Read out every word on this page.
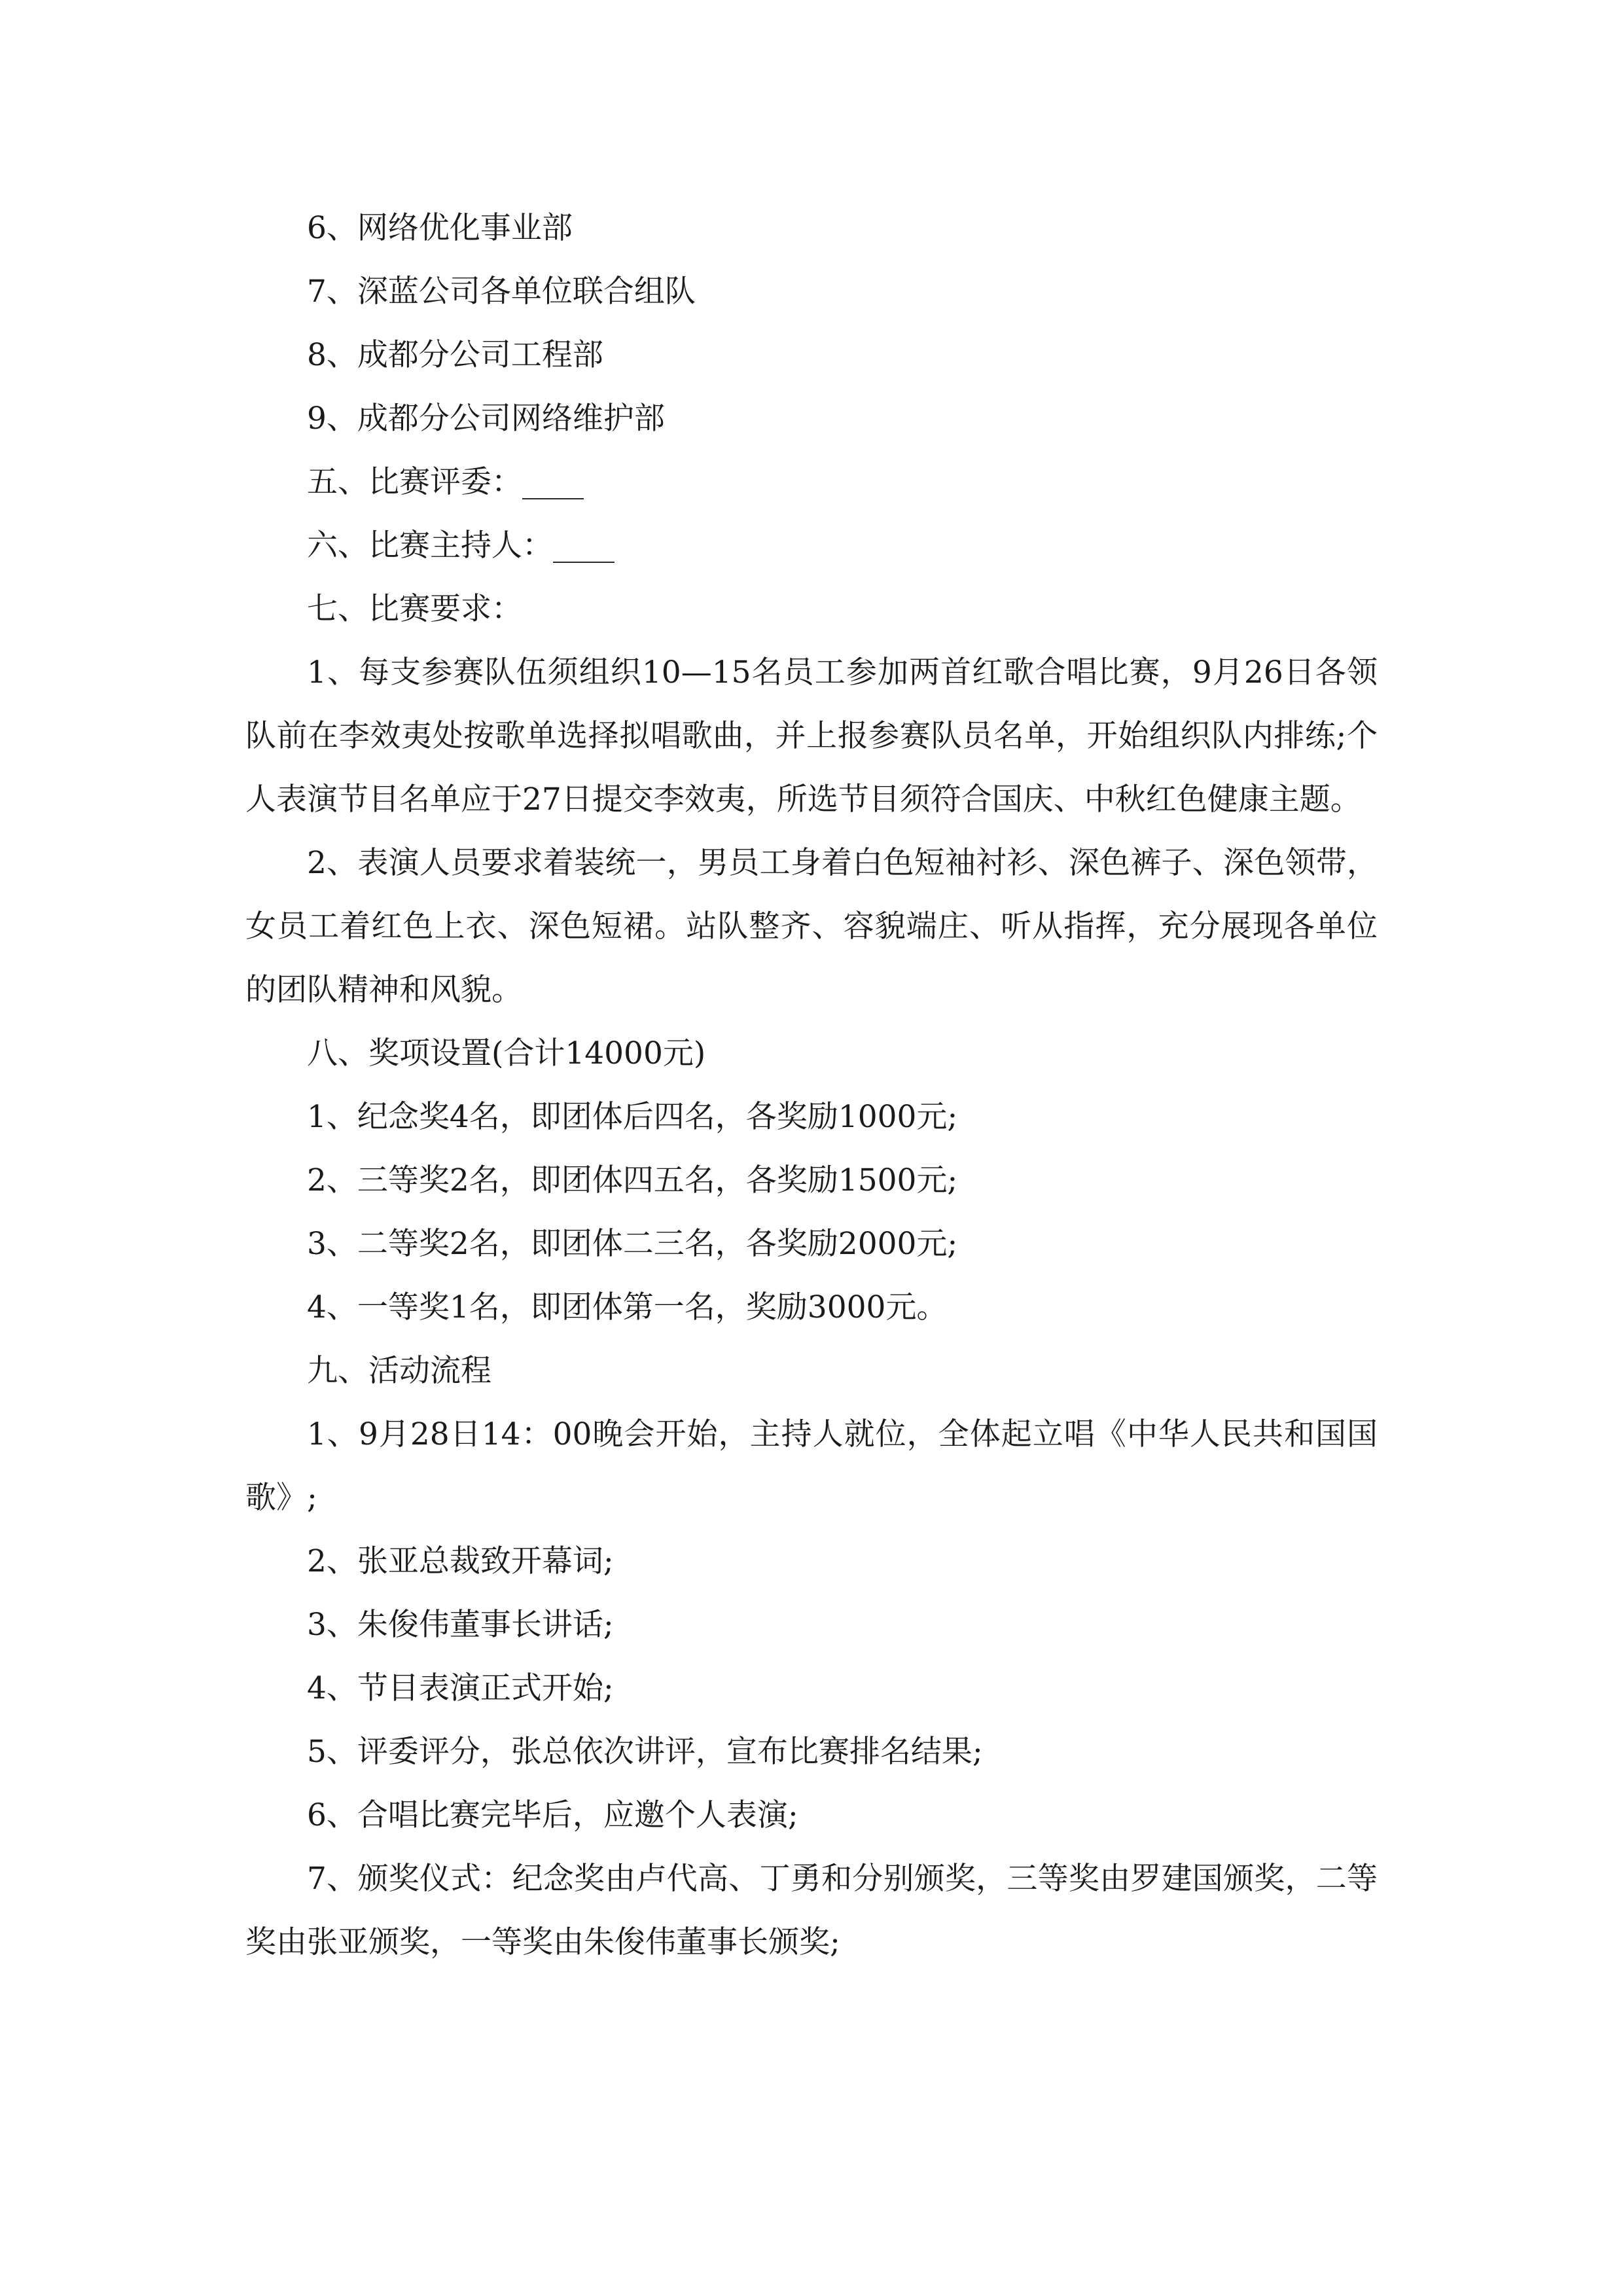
6、网络优化事业部

7、深蓝公司各单位联合组队

8、成都分公司工程部

9、成都分公司网络维护部

五、比赛评委：____

六、比赛主持人：____

七、比赛要求：

1、每支参赛队伍须组织10—15名员工参加两首红歌合唱比赛，9月26日各领队前在李效夷处按歌单选择拟唱歌曲，并上报参赛队员名单，开始组织队内排练;个人表演节目名单应于27日提交李效夷，所选节目须符合国庆、中秋红色健康主题。

2、表演人员要求着装统一，男员工身着白色短袖衬衫、深色裤子、深色领带，女员工着红色上衣、深色短裙。站队整齐、容貌端庄、听从指挥，充分展现各单位的团队精神和风貌。

八、奖项设置(合计14000元)

1、纪念奖4名，即团体后四名，各奖励1000元;

2、三等奖2名，即团体四五名，各奖励1500元;

3、二等奖2名，即团体二三名，各奖励2000元;

4、一等奖1名，即团体第一名，奖励3000元。

九、活动流程

1、9月28日14：00晚会开始，主持人就位，全体起立唱《中华人民共和国国歌》;

2、张亚总裁致开幕词;

3、朱俊伟董事长讲话;

4、节目表演正式开始;

5、评委评分，张总依次讲评，宣布比赛排名结果;

6、合唱比赛完毕后，应邀个人表演;

7、颁奖仪式：纪念奖由卢代高、丁勇和分别颁奖，三等奖由罗建国颁奖，二等奖由张亚颁奖，一等奖由朱俊伟董事长颁奖;
